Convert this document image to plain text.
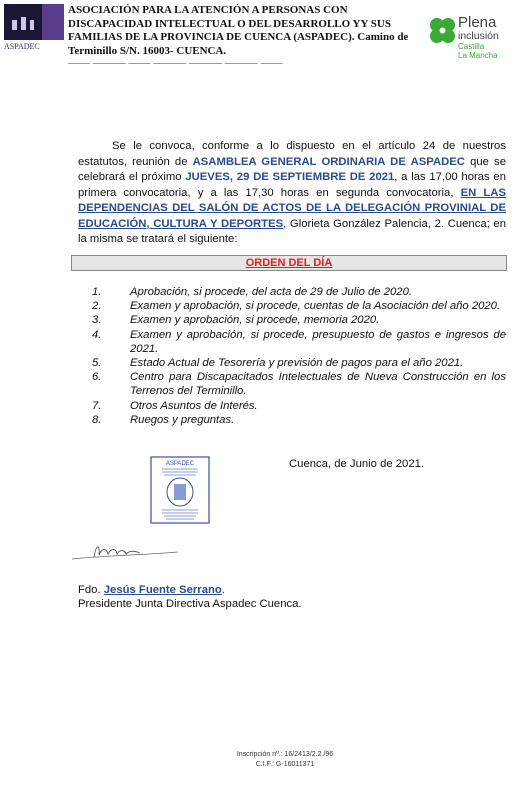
ASPADEC
ASOCIACIÓN PARA LA ATENCIÓN A PERSONAS CON
DISCAPACIDAD INTELECTUAL O DEL DESARROLLO YY SUS
FAMILIAS DE LA PROVINCIA DE CUENCA (ASPADEC). Camino de
Terminillo S/N. 16003- CUENCA.
—— ——— —— ——— ——— ——— ——
Plena
inclusión
Castilla
La Mancha
Se le convoca, conforme a lo dispuesto en el artículo 24 de nuestros estatutos, reunión de ASAMBLEA GENERAL ORDINARIA DE ASPADEC que se celebrará el próximo JUEVES, 29 DE SEPTIEMBRE DE 2021, a las 17,00 horas en primera convocatoria, y a las 17,30 horas en segunda convocatoria, EN LAS DEPENDENCIAS DEL SALÓN DE ACTOS DE LA DELEGACIÓN PROVINIAL DE EDUCACIÓN, CULTURA Y DEPORTES, Glorieta González Palencia, 2. Cuenca; en la misma se tratará el siguiente:
ORDEN DEL DÍA
1.	Aprobación, si procede, del acta de 29 de Julio de 2020.
2.	Examen y aprobación, si procede, cuentas de la Asociación del año 2020.
3.	Examen y aprobación, si procede, memoria 2020.
4.	Examen y aprobación, si procede, presupuesto de gastos e ingresos de 2021.
5.	Estado Actual de Tesorería y previsión de pagos para el año 2021.
6.	Centro para Discapacitados Intelectuales de Nueva Construcción en los Terrenos del Terminillo.
7.	Otros Asuntos de Interés.
8.	Ruegos y preguntas.
ASPADEC	Cuenca, de Junio de 2021.
Fdo. Jesús Fuente Serrano.
Presidente Junta Directiva Aspadec Cuenca.
Inscripción nº.: 16/2413/2.2./96
C.I.F.: G-16011371
